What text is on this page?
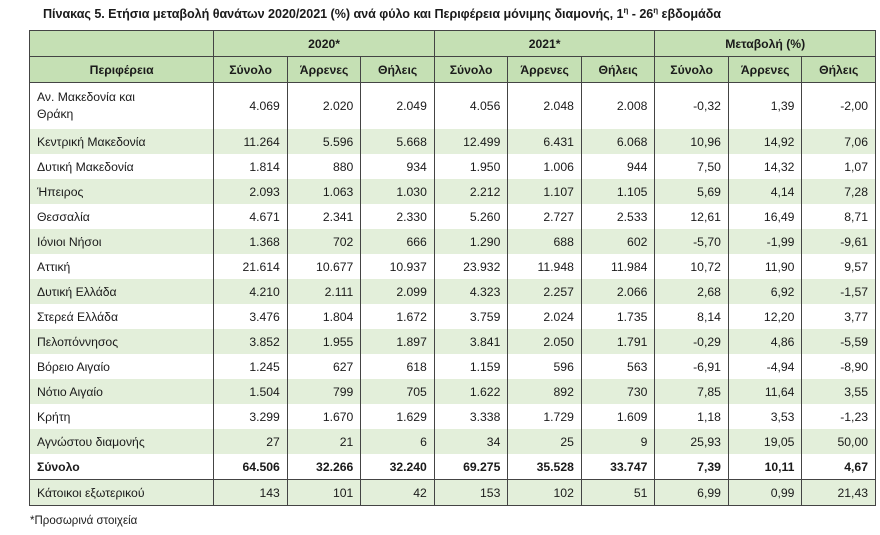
Πίνακας 5. Ετήσια μεταβολή θανάτων 2020/2021 (%) ανά φύλο και Περιφέρεια μόνιμης διαμονής, $1^\eta - 26^\eta$ εβδομάδα
	2020*			2021*			Μεταβολή (%)		
Περιφέρεια	Σύνολο	Άρρενες	Θήλεις	Σύνολο	Άρρενες	Θήλεις	Σύνολο	Άρρενες	Θήλεις
Αν. Μακεδονία και Θράκη	4.069	2.020	2.049	4.056	2.048	2.008	-0,32	1,39	-2,00
Κεντρική Μακεδονία	11.264	5.596	5.668	12.499	6.431	6.068	10,96	14,92	7,06
Δυτική Μακεδονία	1.814	880	934	1.950	1.006	944	7,50	14,32	1,07
Ήπειρος	2.093	1.063	1.030	2.212	1.107	1.105	5,69	4,14	7,28
Θεσσαλία	4.671	2.341	2.330	5.260	2.727	2.533	12,61	16,49	8,71
Ιόνιοι Νήσοι	1.368	702	666	1.290	688	602	-5,70	-1,99	-9,61
Αττική	21.614	10.677	10.937	23.932	11.948	11.984	10,72	11,90	9,57
Δυτική Ελλάδα	4.210	2.111	2.099	4.323	2.257	2.066	2,68	6,92	-1,57
Στερεά Ελλάδα	3.476	1.804	1.672	3.759	2.024	1.735	8,14	12,20	3,77
Πελοπόννησος	3.852	1.955	1.897	3.841	2.050	1.791	-0,29	4,86	-5,59
Βόρειο Αιγαίο	1.245	627	618	1.159	596	563	-6,91	-4,94	-8,90
Νότιο Αιγαίο	1.504	799	705	1.622	892	730	7,85	11,64	3,55
Κρήτη	3.299	1.670	1.629	3.338	1.729	1.609	1,18	3,53	-1,23
Αγνώστου διαμονής	27	21	6	34	25	9	25,93	19,05	50,00
Σύνολο	64.506	32.266	32.240	69.275	35.528	33.747	7,39	10,11	4,67
Κάτοικοι εξωτερικού	143	101	42	153	102	51	6,99	0,99	21,43
*Προσωρινά στοιχεία
